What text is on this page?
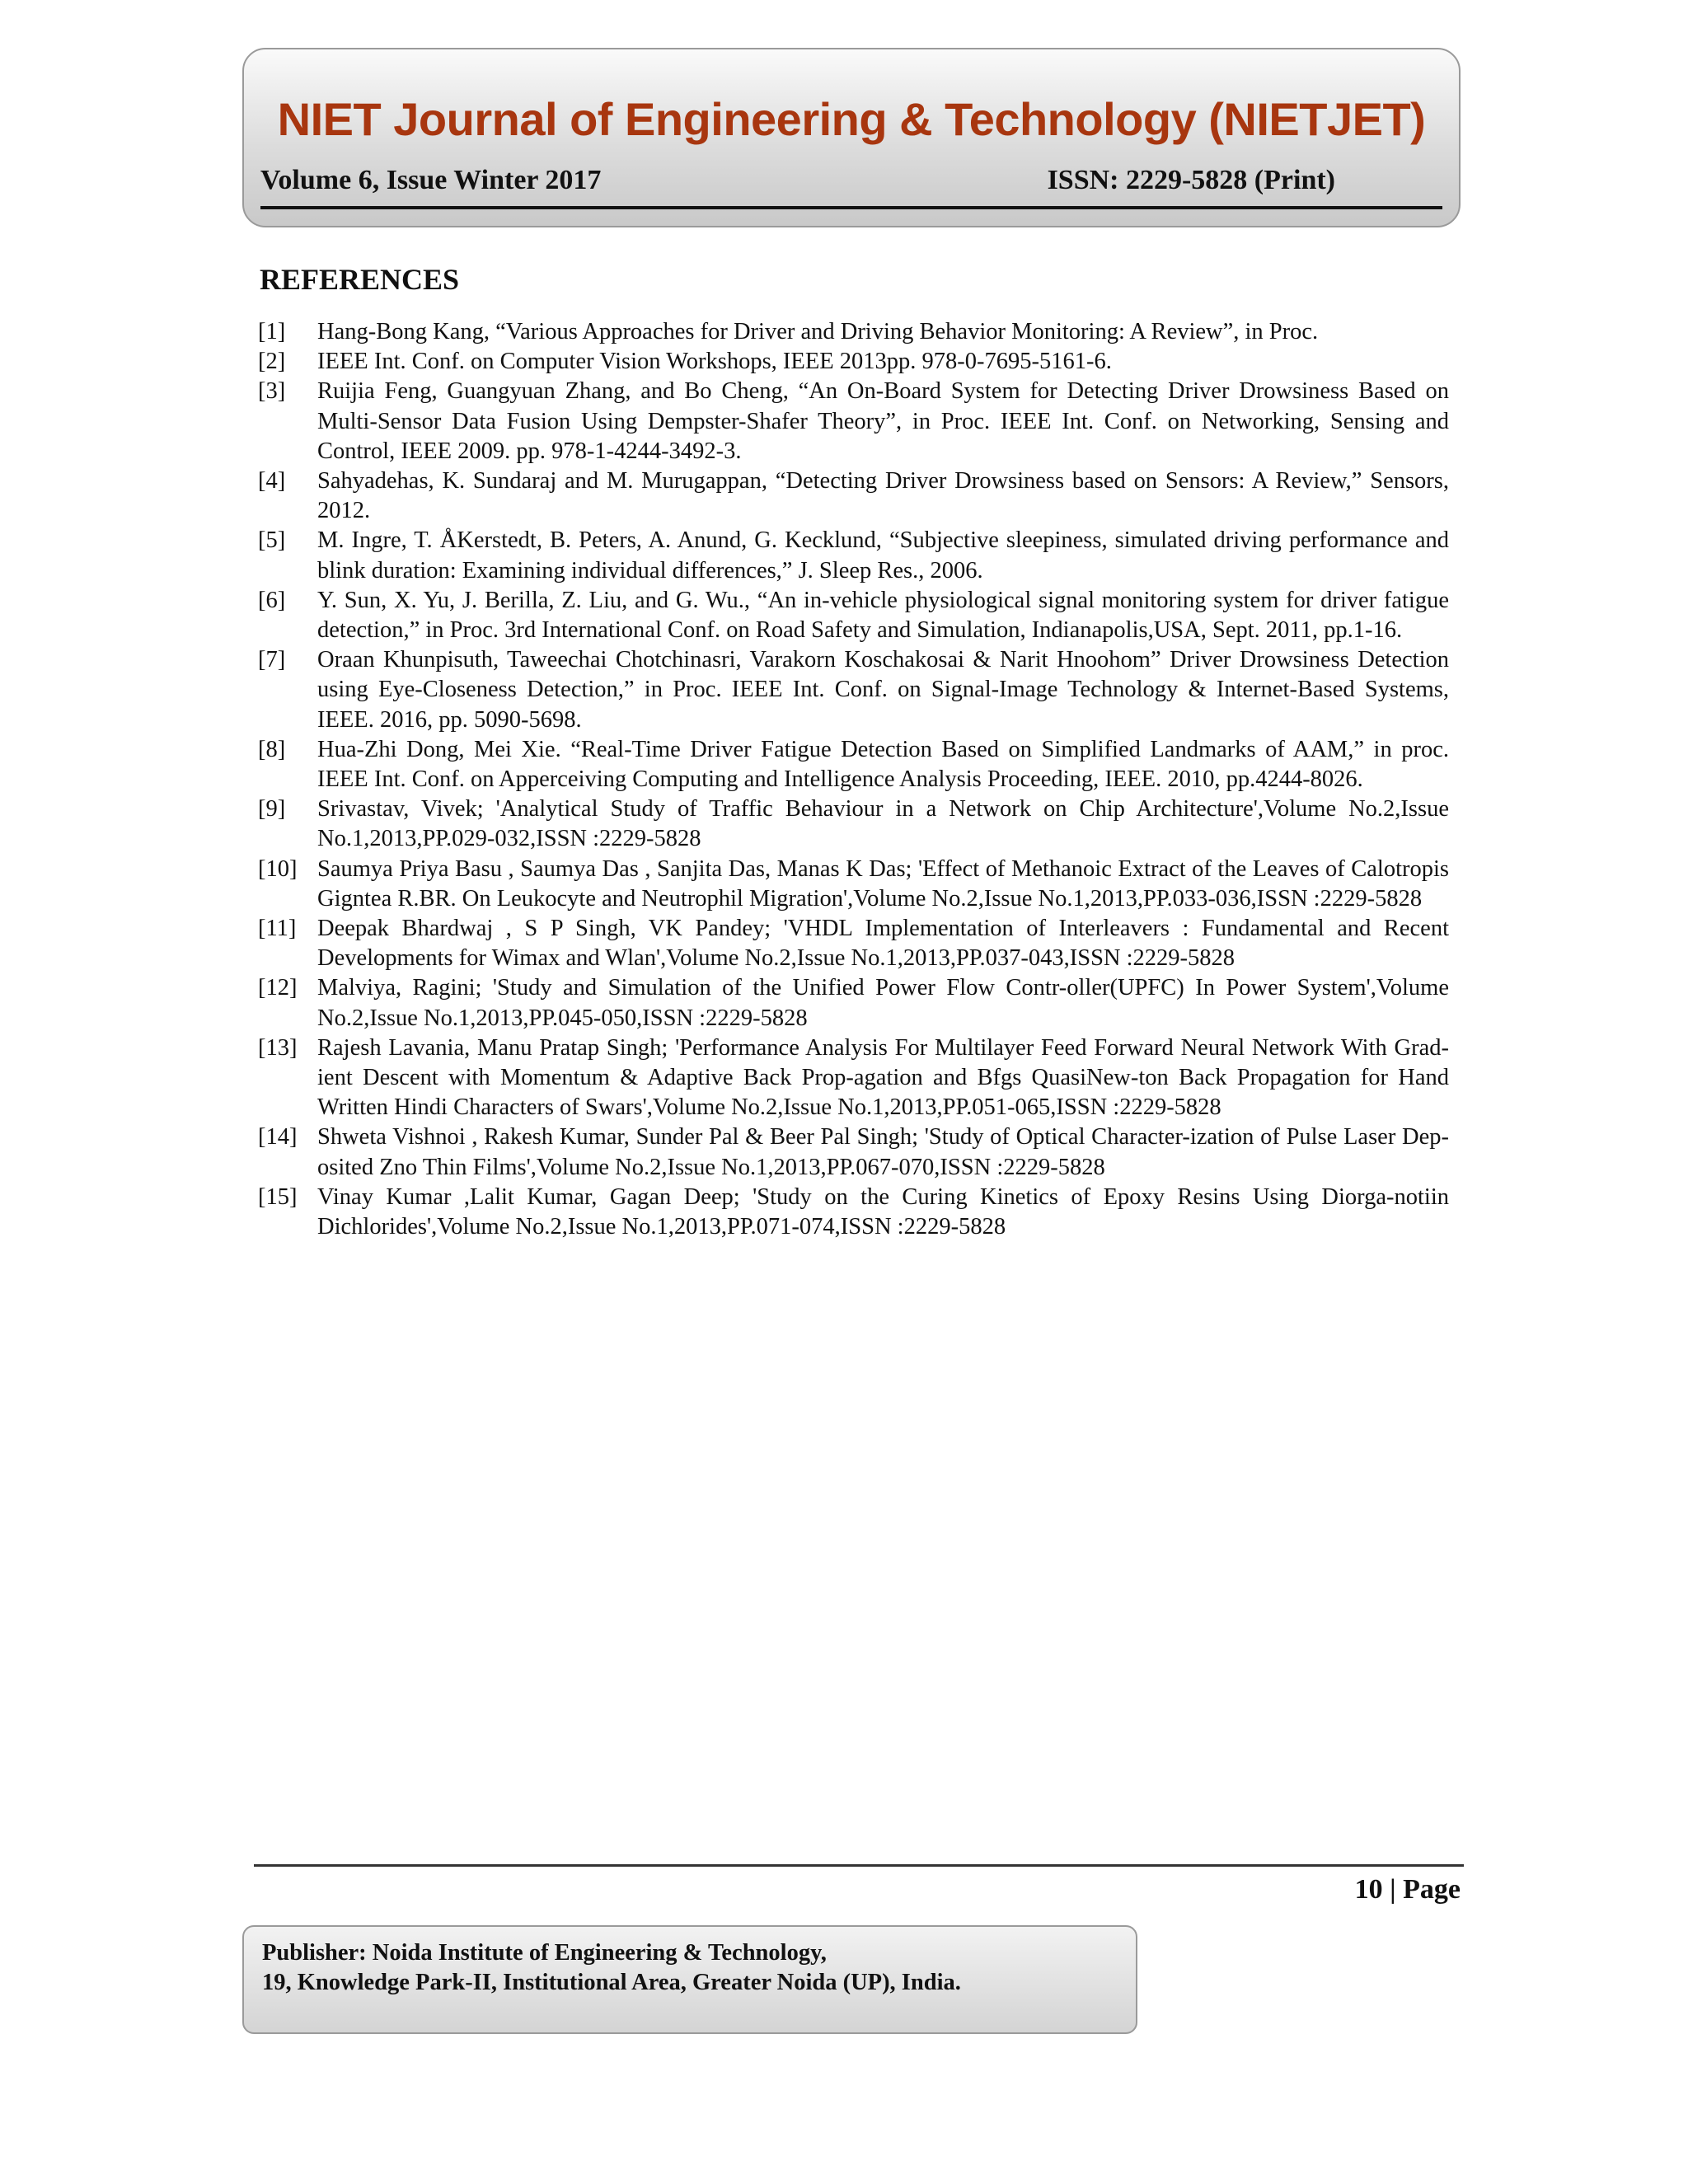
NIET Journal of Engineering & Technology (NIETJET)
Volume 6, Issue Winter 2017	ISSN: 2229-5828 (Print)
REFERENCES
[1] Hang-Bong Kang, “Various Approaches for Driver and Driving Behavior Monitoring: A Review”, in Proc.
[2] IEEE Int. Conf. on Computer Vision Workshops, IEEE 2013pp. 978-0-7695-5161-6.
[3] Ruijia Feng, Guangyuan Zhang, and Bo Cheng, “An On-Board System for Detecting Driver Drowsiness Based on Multi-Sensor Data Fusion Using Dempster-Shafer Theory”, in Proc. IEEE Int. Conf. on Networking, Sensing and Control, IEEE 2009. pp. 978-1-4244-3492-3.
[4] Sahyadehas, K. Sundaraj and M. Murugappan, “Detecting Driver Drowsiness based on Sensors: A Review,” Sensors, 2012.
[5] M. Ingre, T. ÅKerstedt, B. Peters, A. Anund, G. Kecklund, “Subjective sleepiness, simulated driving performance and blink duration: Examining individual differences,” J. Sleep Res., 2006.
[6] Y. Sun, X. Yu, J. Berilla, Z. Liu, and G. Wu., “An in-vehicle physiological signal monitoring system for driver fatigue detection,” in Proc. 3rd International Conf. on Road Safety and Simulation, Indianapolis,USA, Sept. 2011, pp.1-16.
[7] Oraan Khunpisuth, Taweechai Chotchinasri, Varakorn Koschakosai & Narit Hnoohom” Driver Drowsiness Detection using Eye-Closeness Detection,” in Proc. IEEE Int. Conf. on Signal-Image Technology & Internet-Based Systems, IEEE. 2016, pp. 5090-5698.
[8] Hua-Zhi Dong, Mei Xie. “Real-Time Driver Fatigue Detection Based on Simplified Landmarks of AAM,” in proc. IEEE Int. Conf. on Apperceiving Computing and Intelligence Analysis Proceeding, IEEE. 2010, pp.4244-8026.
[9] Srivastav, Vivek; 'Analytical Study of Traffic Behaviour in a Network on Chip Architecture',Volume No.2,Issue No.1,2013,PP.029-032,ISSN :2229-5828
[10] Saumya Priya Basu , Saumya Das , Sanjita Das, Manas K Das; 'Effect of Methanoic Extract of the Leaves of Calotropis Gigntea R.BR. On Leukocyte and Neutrophil Migration',Volume No.2,Issue No.1,2013,PP.033-036,ISSN :2229-5828
[11] Deepak Bhardwaj , S P Singh, VK Pandey; 'VHDL Implementation of Interleavers : Fundamental and Recent Developments for Wimax and Wlan',Volume No.2,Issue No.1,2013,PP.037-043,ISSN :2229-5828
[12] Malviya, Ragini; 'Study and Simulation of the Unified Power Flow Contr-oller(UPFC) In Power System',Volume No.2,Issue No.1,2013,PP.045-050,ISSN :2229-5828
[13] Rajesh Lavania, Manu Pratap Singh; 'Performance Analysis For Multilayer Feed Forward Neural Network With Grad-ient Descent with Momentum & Adaptive Back Prop-agation and Bfgs QuasiNew-ton Back Propagation for Hand Written Hindi Characters of Swars',Volume No.2,Issue No.1,2013,PP.051-065,ISSN :2229-5828
[14] Shweta Vishnoi , Rakesh Kumar, Sunder Pal & Beer Pal Singh; 'Study of Optical Character-ization of Pulse Laser Dep-osited Zno Thin Films',Volume No.2,Issue No.1,2013,PP.067-070,ISSN :2229-5828
[15] Vinay Kumar ,Lalit Kumar, Gagan Deep; 'Study on the Curing Kinetics of Epoxy Resins Using Diorga-notiin Dichlorides',Volume No.2,Issue No.1,2013,PP.071-074,ISSN :2229-5828
10 | Page
Publisher: Noida Institute of Engineering & Technology,
19, Knowledge Park-II, Institutional Area, Greater Noida (UP), India.
